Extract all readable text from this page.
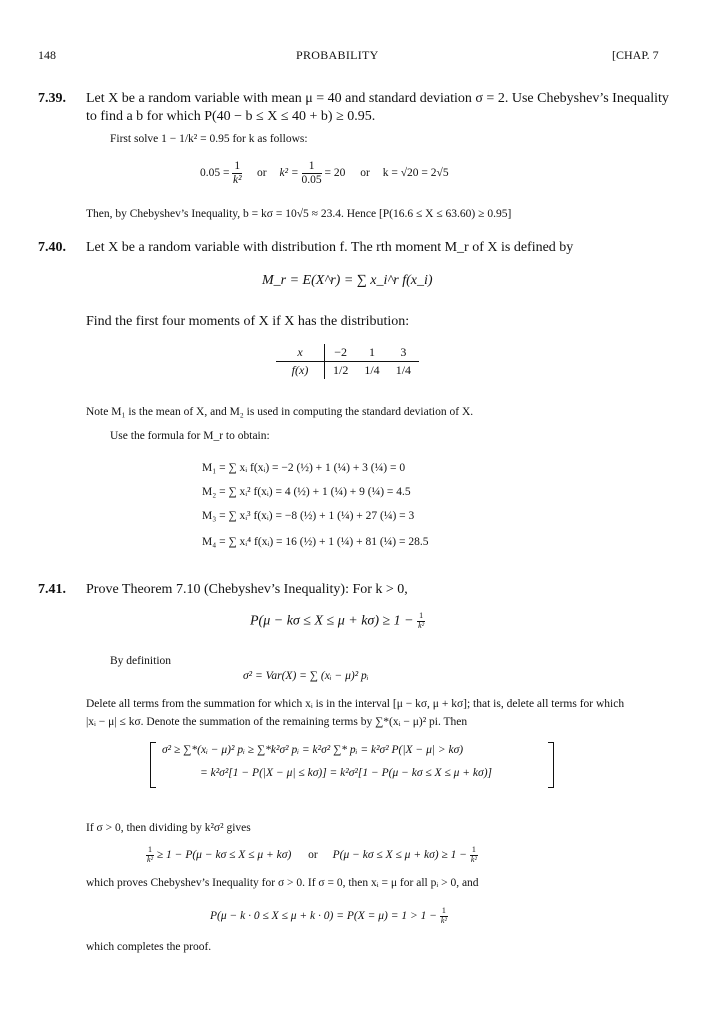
148	PROBABILITY	[CHAP. 7
7.39. Let X be a random variable with mean μ = 40 and standard deviation σ = 2. Use Chebyshev’s Inequality
to find a b for which P(40 − b ≤ X ≤ 40 + b) ≥ 0.95.
First solve 1 − 1/k² = 0.95 for k as follows:
$0.05 = \frac{1}{\text{k²}}$ or $k^2 = \frac{1}{0.05} = 20$ or k = √20 = 2√5
Then, by Chebyshev’s Inequality, b = kσ = 10√5 ≈ 23.4. Hence [P(16.6 ≤ X ≤ 63.60) ≥ 0.95]
7.40. Let X be a random variable with distribution f. The rth moment M_r of X is defined by
M_r = E(X^r) = ∑ x_i^r f(x_i)
Find the first four moments of X if X has the distribution:
x	−2	1	3
f(x)	1/2	1/4	1/4
Note M₁ is the mean of X, and M₂ is used in computing the standard deviation of X.
Use the formula for M_r to obtain:
M₁ = ∑ xᵢ f(xᵢ) = −2 (½) + 1 (¼) + 3 (¼) = 0
M₂ = ∑ xᵢ² f(xᵢ) = 4 (½) + 1 (¼) + 9 (¼) = 4.5
M₃ = ∑ xᵢ³ f(xᵢ) = −8 (½) + 1 (¼) + 27 (¼) = 3
M₄ = ∑ xᵢ⁴ f(xᵢ) = 16 (½) + 1 (¼) + 81 (¼) = 28.5
7.41. Prove Theorem 7.10 (Chebyshev’s Inequality): For k > 0,
$P(\mu - k\sigma \le X \le \mu + k\sigma) \ge 1 - \frac{1}{\text{k²}}$
By definition
σ² = Var(X) = ∑ (xᵢ − μ)² pᵢ
Delete all terms from the summation for which xᵢ is in the interval [μ − kσ, μ + kσ]; that is, delete all terms for which
|xᵢ − μ| ≤ kσ. Denote the summation of the remaining terms by ∑*(xᵢ − μ)² pi. Then
σ² ≥ ∑*(xᵢ − μ)² pᵢ ≥ ∑*k²σ² pᵢ = k²σ² ∑* pᵢ = k²σ² P(|X − μ| > kσ)
= k²σ²[1 − P(|X − μ| ≤ kσ)] = k²σ²[1 − P(μ − kσ ≤ X ≤ μ + kσ)]
If σ > 0, then dividing by k²σ² gives
$\frac{1}{\text{k²}} \ge 1 - P(\mu - k\sigma \le X \le \mu + k\sigma)$ or $P(\mu - k\sigma \le X \le \mu + k\sigma) \ge 1 - \frac{1}{\text{k²}}$
which proves Chebyshev’s Inequality for σ > 0. If σ = 0, then xᵢ = μ for all pᵢ > 0, and
$P(\mu - k \cdot 0 \le X \le \mu + k \cdot 0) = P(X = \mu) = 1 > 1 - \frac{1}{\text{k²}}$
which completes the proof.
